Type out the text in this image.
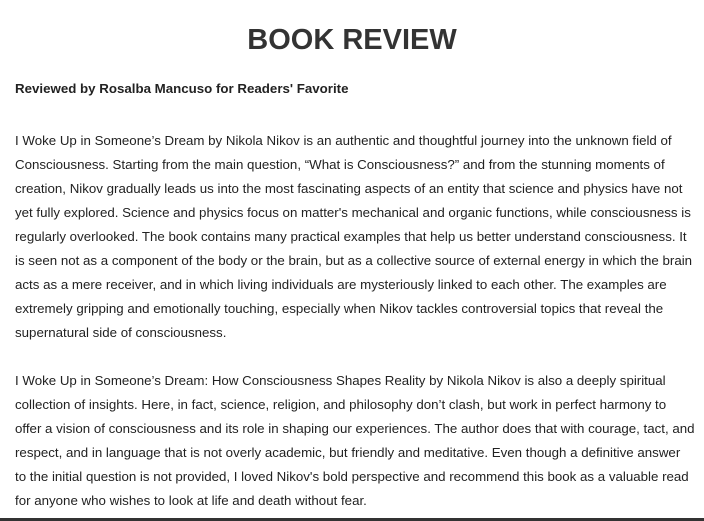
BOOK REVIEW

Reviewed by Rosalba Mancuso for Readers' Favorite

I Woke Up in Someone’s Dream by Nikola Nikov is an authentic and thoughtful journey into the unknown field of Consciousness. Starting from the main question, “What is Consciousness?” and from the stunning moments of creation, Nikov gradually leads us into the most fascinating aspects of an entity that science and physics have not yet fully explored. Science and physics focus on matter's mechanical and organic functions, while consciousness is regularly overlooked. The book contains many practical examples that help us better understand consciousness. It is seen not as a component of the body or the brain, but as a collective source of external energy in which the brain acts as a mere receiver, and in which living individuals are mysteriously linked to each other. The examples are extremely gripping and emotionally touching, especially when Nikov tackles controversial topics that reveal the supernatural side of consciousness.

I Woke Up in Someone’s Dream: How Consciousness Shapes Reality by Nikola Nikov is also a deeply spiritual collection of insights. Here, in fact, science, religion, and philosophy don’t clash, but work in perfect harmony to offer a vision of consciousness and its role in shaping our experiences. The author does that with courage, tact, and respect, and in language that is not overly academic, but friendly and meditative. Even though a definitive answer to the initial question is not provided, I loved Nikov's bold perspective and recommend this book as a valuable read for anyone who wishes to look at life and death without fear.
